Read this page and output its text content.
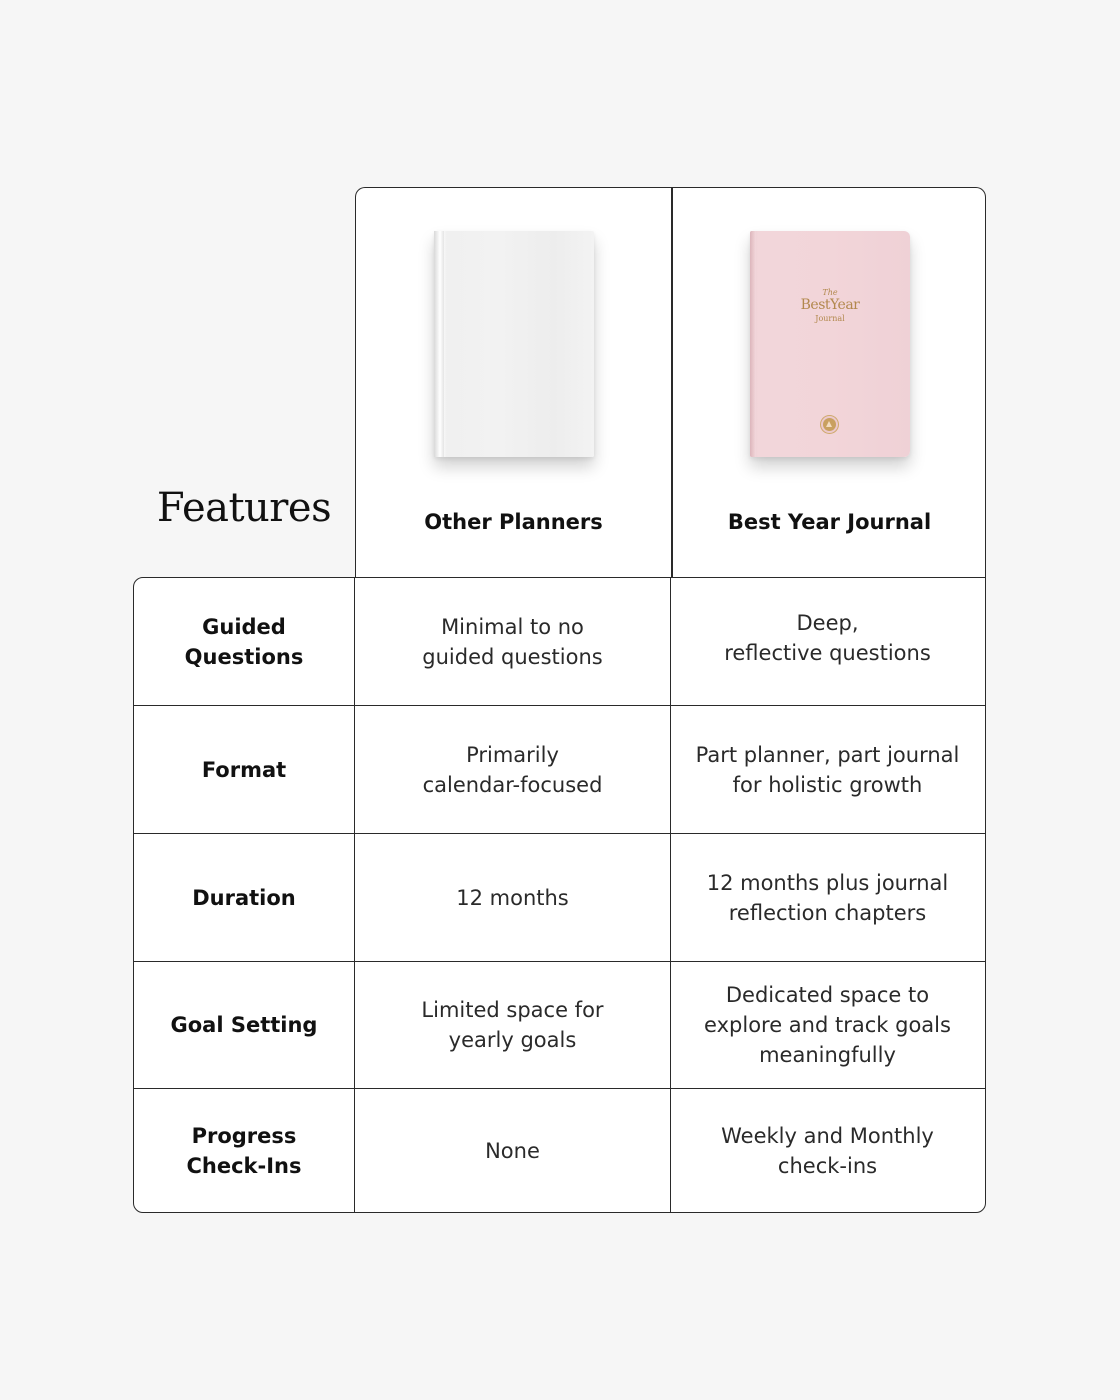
Features	Other Planners
The
BestYear
Journal
Best Year Journal
Guided
Questions
Minimal to no
guided questions
Deep,
reflective questions
Format
Primarily
calendar-focused
Part planner, part journal
for holistic growth
Duration	12 months
12 months plus journal
reflection chapters
Goal Setting
Limited space for
yearly goals
Dedicated space to
explore and track goals
meaningfully
Progress
Check-Ins
None
Weekly and Monthly
check-ins
